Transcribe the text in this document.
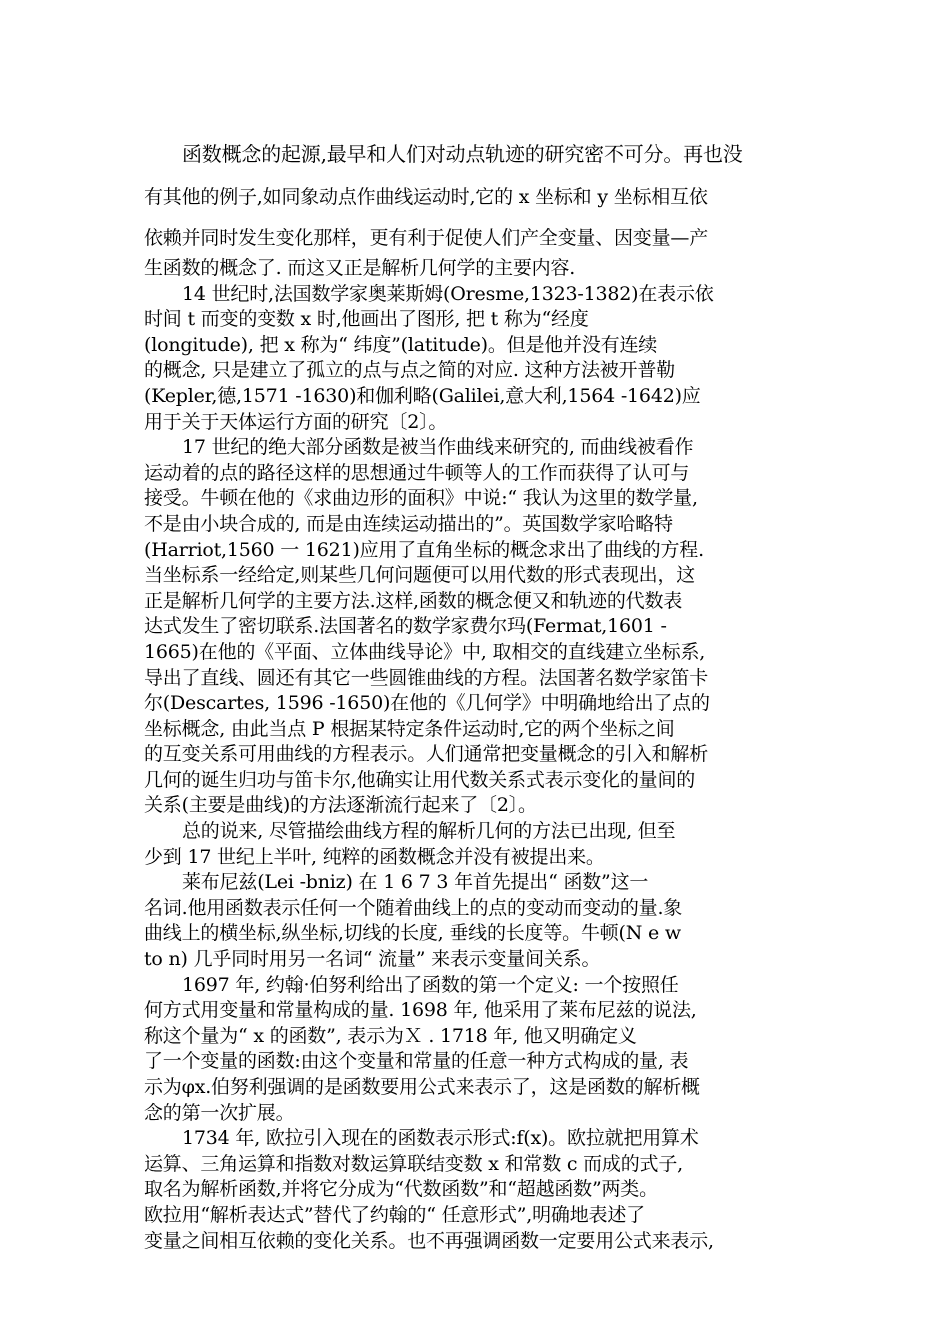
函数概念的起源,最早和人们对动点轨迹的研究密不可分。再也没
有其他的例子,如同象动点作曲线运动时,它的 x 坐标和 y 坐标相互依
依赖并同时发生变化那样，更有利于促使人们产全变量、因变量—产
生函数的概念了. 而这又正是解析几何学的主要内容.
14 世纪时,法国数学家奥莱斯姆(Oresme,1323-1382)在表示依
时间 t 而变的变数 x 时,他画出了图形, 把 t 称为“经度
(longitude), 把 x 称为“ 纬度”(latitude)。但是他并没有连续
的概念, 只是建立了孤立的点与点之简的对应. 这种方法被开普勒
(Kepler,德,1571 -1630)和伽利略(Galilei,意大利,1564 -1642)应
用于关于天体运行方面的研究〔2〕。
17 世纪的绝大部分函数是被当作曲线来研究的, 而曲线被看作
运动着的点的路径这样的思想通过牛顿等人的工作而获得了认可与
接受。牛顿在他的《求曲边形的面积》中说:“ 我认为这里的数学量,
不是由小块合成的, 而是由连续运动描出的”。英国数学家哈略特
(Harriot,1560 一 1621)应用了直角坐标的概念求出了曲线的方程.
当坐标系一经给定,则某些几何问题便可以用代数的形式表现出，这
正是解析几何学的主要方法.这样,函数的概念便又和轨迹的代数表
达式发生了密切联系.法国著名的数学家费尔玛(Fermat,1601 -
1665)在他的《平面、立体曲线导论》中, 取相交的直线建立坐标系,
导出了直线、圆还有其它一些圆锥曲线的方程。法国著名数学家笛卡
尔(Descartes, 1596 -1650)在他的《几何学》中明确地给出了点的
坐标概念, 由此当点 P 根据某特定条件运动时,它的两个坐标之间
的互变关系可用曲线的方程表示。人们通常把变量概念的引入和解析
几何的诞生归功与笛卡尔,他确实让用代数关系式表示变化的量间的
关系(主要是曲线)的方法逐渐流行起来了〔2〕。
总的说来, 尽管描绘曲线方程的解析几何的方法已出现, 但至
少到 17 世纪上半叶, 纯粹的函数概念并没有被提出来。
莱布尼兹(Lei -bniz) 在 1 6 7 3 年首先提出“ 函数”这一
名词.他用函数表示任何一个随着曲线上的点的变动而变动的量.象
曲线上的横坐标,纵坐标,切线的长度, 垂线的长度等。牛顿(N e w
to n) 几乎同时用另一名词“ 流量” 来表示变量间关系。
1697 年, 约翰·伯努利给出了函数的第一个定义: 一个按照任
何方式用变量和常量构成的量. 1698 年, 他采用了莱布尼兹的说法,
称这个量为“ x 的函数”, 表示为Ｘ . 1718 年, 他又明确定义
了一个变量的函数:由这个变量和常量的任意一种方式构成的量, 表
示为φx.伯努利强调的是函数要用公式来表示了，这是函数的解析概
念的第一次扩展。
1734 年, 欧拉引入现在的函数表示形式:f(x)。欧拉就把用算术
运算、三角运算和指数对数运算联结变数 x 和常数 c 而成的式子,
取名为解析函数,并将它分成为“代数函数”和“超越函数”两类。
欧拉用“解析表达式”替代了约翰的“ 任意形式”,明确地表述了
变量之间相互依赖的变化关系。也不再强调函数一定要用公式来表示,
